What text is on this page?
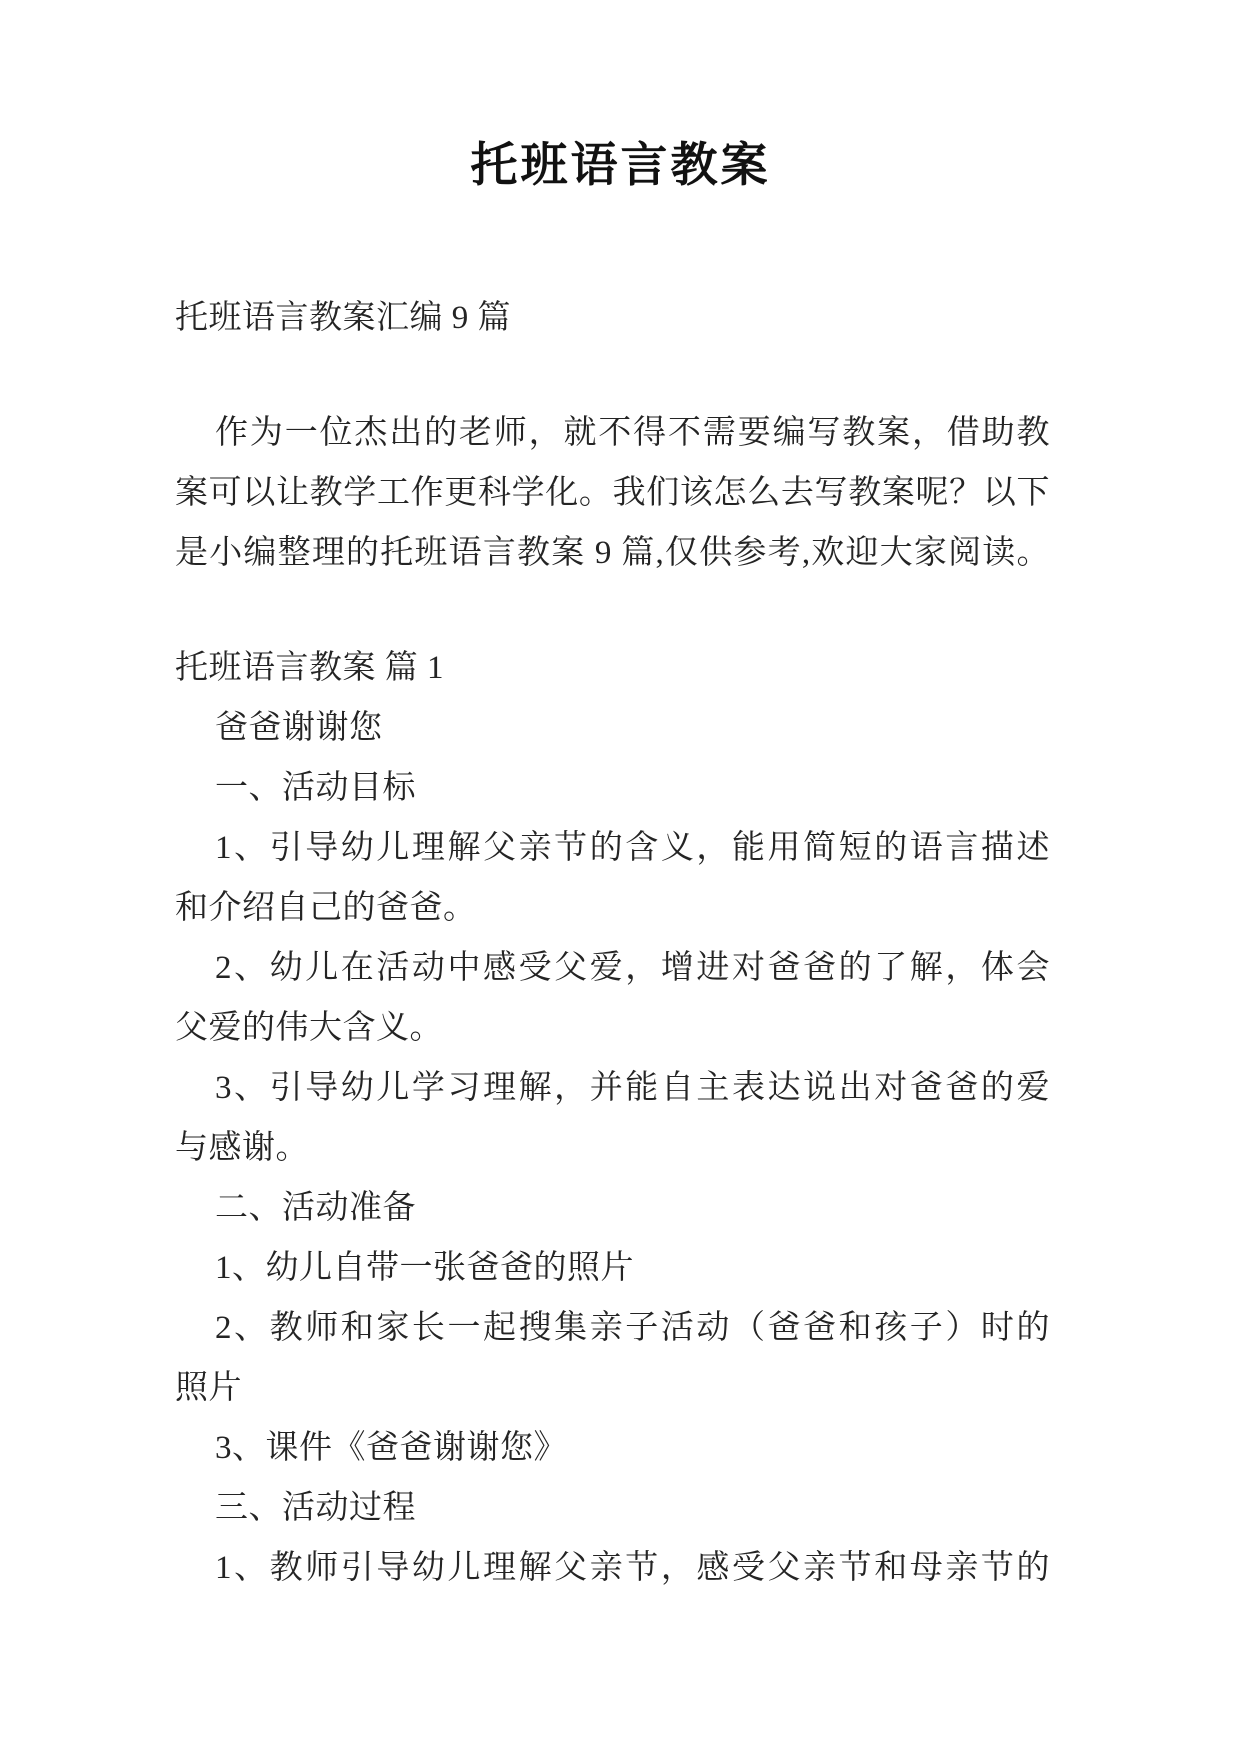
托班语言教案
托班语言教案汇编 9 篇
作为一位杰出的老师，就不得不需要编写教案，借助教
案可以让教学工作更科学化。我们该怎么去写教案呢？以下
是小编整理的托班语言教案 9 篇,仅供参考,欢迎大家阅读。
托班语言教案 篇 1
爸爸谢谢您
一、活动目标
1、引导幼儿理解父亲节的含义，能用简短的语言描述
和介绍自己的爸爸。
2、幼儿在活动中感受父爱，增进对爸爸的了解，体会
父爱的伟大含义。
3、引导幼儿学习理解，并能自主表达说出对爸爸的爱
与感谢。
二、活动准备
1、幼儿自带一张爸爸的照片
2、教师和家长一起搜集亲子活动（爸爸和孩子）时的
照片
3、课件《爸爸谢谢您》
三、活动过程
1、教师引导幼儿理解父亲节，感受父亲节和母亲节的
